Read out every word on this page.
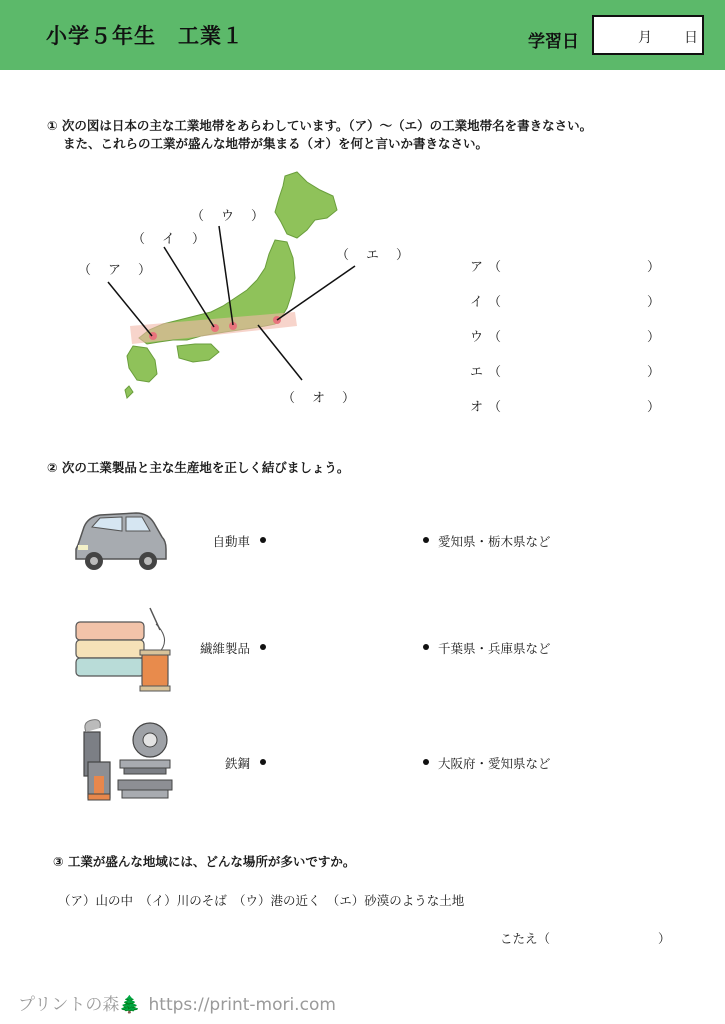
小学５年生　工業１	学習日	月 日
① 次の図は日本の主な工業地帯をあらわしています。（ア）〜（エ）の工業地帯名を書きなさい。
また、これらの工業が盛んな地帯が集まる（オ）を何と言いか書きなさい。
（　ア　）
（　イ　）
（　ウ　）
（　エ　）
（　オ　）
ア （	）
イ （	）
ウ （	）
エ （	）
オ （	）
② 次の工業製品と主な生産地を正しく結びましょう。
自動車	愛知県・栃木県など
繊維製品	千葉県・兵庫県など
鉄鋼	大阪府・愛知県など
③ 工業が盛んな地域には、どんな場所が多いですか。
（ア）山の中　（イ）川のそば　（ウ）港の近く　（エ）砂漠のような土地
こたえ（	）
プリントの森🌲 https://print-mori.com
